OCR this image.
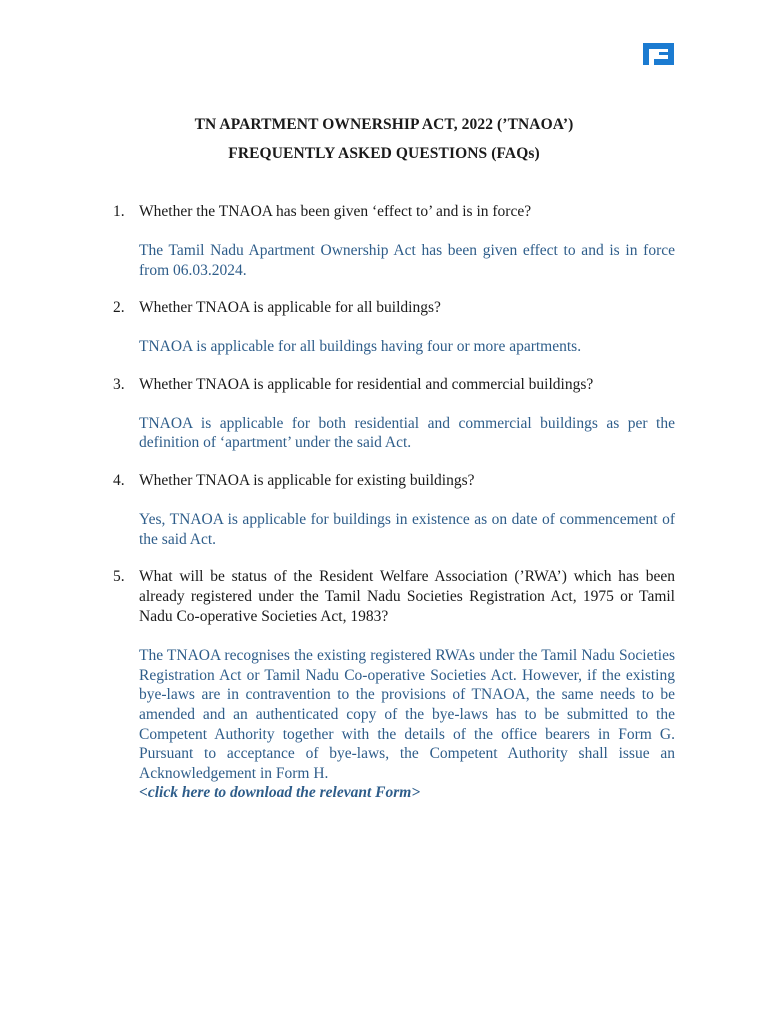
TN APARTMENT OWNERSHIP ACT, 2022 (’TNAOA’)
FREQUENTLY ASKED QUESTIONS (FAQs)
1. Whether the TNAOA has been given ‘effect to’ and is in force?
The Tamil Nadu Apartment Ownership Act has been given effect to and is in force from 06.03.2024.
2. Whether TNAOA is applicable for all buildings?
TNAOA is applicable for all buildings having four or more apartments.
3. Whether TNAOA is applicable for residential and commercial buildings?
TNAOA is applicable for both residential and commercial buildings as per the definition of ‘apartment’ under the said Act.
4. Whether TNAOA is applicable for existing buildings?
Yes, TNAOA is applicable for buildings in existence as on date of commencement of the said Act.
5. What will be status of the Resident Welfare Association (’RWA’) which has been already registered under the Tamil Nadu Societies Registration Act, 1975 or Tamil Nadu Co-operative Societies Act, 1983?
The TNAOA recognises the existing registered RWAs under the Tamil Nadu Societies Registration Act or Tamil Nadu Co-operative Societies Act. However, if the existing bye-laws are in contravention to the provisions of TNAOA, the same needs to be amended and an authenticated copy of the bye-laws has to be submitted to the Competent Authority together with the details of the office bearers in Form G. Pursuant to acceptance of bye-laws, the Competent Authority shall issue an Acknowledgement in Form H.
<click here to download the relevant Form>
